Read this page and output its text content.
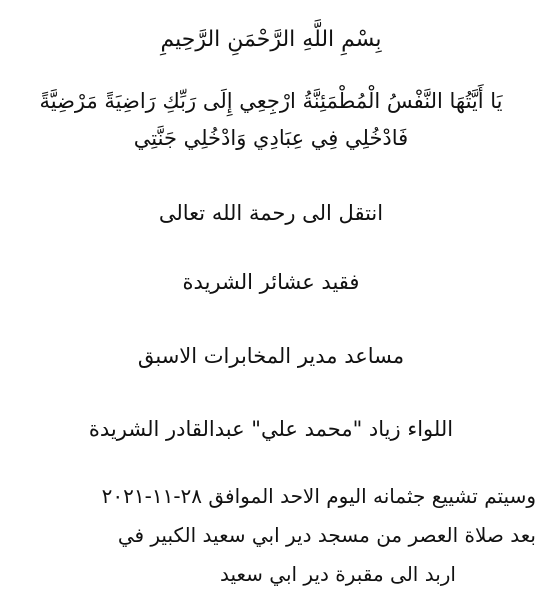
بِسْمِ اللَّهِ الرَّحْمَنِ الرَّحِيمِ
يَا أَيَّتُهَا النَّفْسُ الْمُطْمَئِنَّةُ ارْجِعِي إِلَى رَبِّكِ رَاضِيَةً مَرْضِيَّةً
فَادْخُلِي فِي عِبَادِي وَادْخُلِي جَنَّتِي
انتقل الى رحمة الله تعالى
فقيد عشائر الشريدة
مساعد مدير المخابرات الاسبق
اللواء زياد "محمد علي" عبدالقادر الشريدة
وسيتم تشييع جثمانه اليوم الاحد الموافق ٢٨-١١-٢٠٢١
بعد صلاة العصر من مسجد دير ابي سعيد الكبير في
اربد الى مقبرة دير ابي سعيد
